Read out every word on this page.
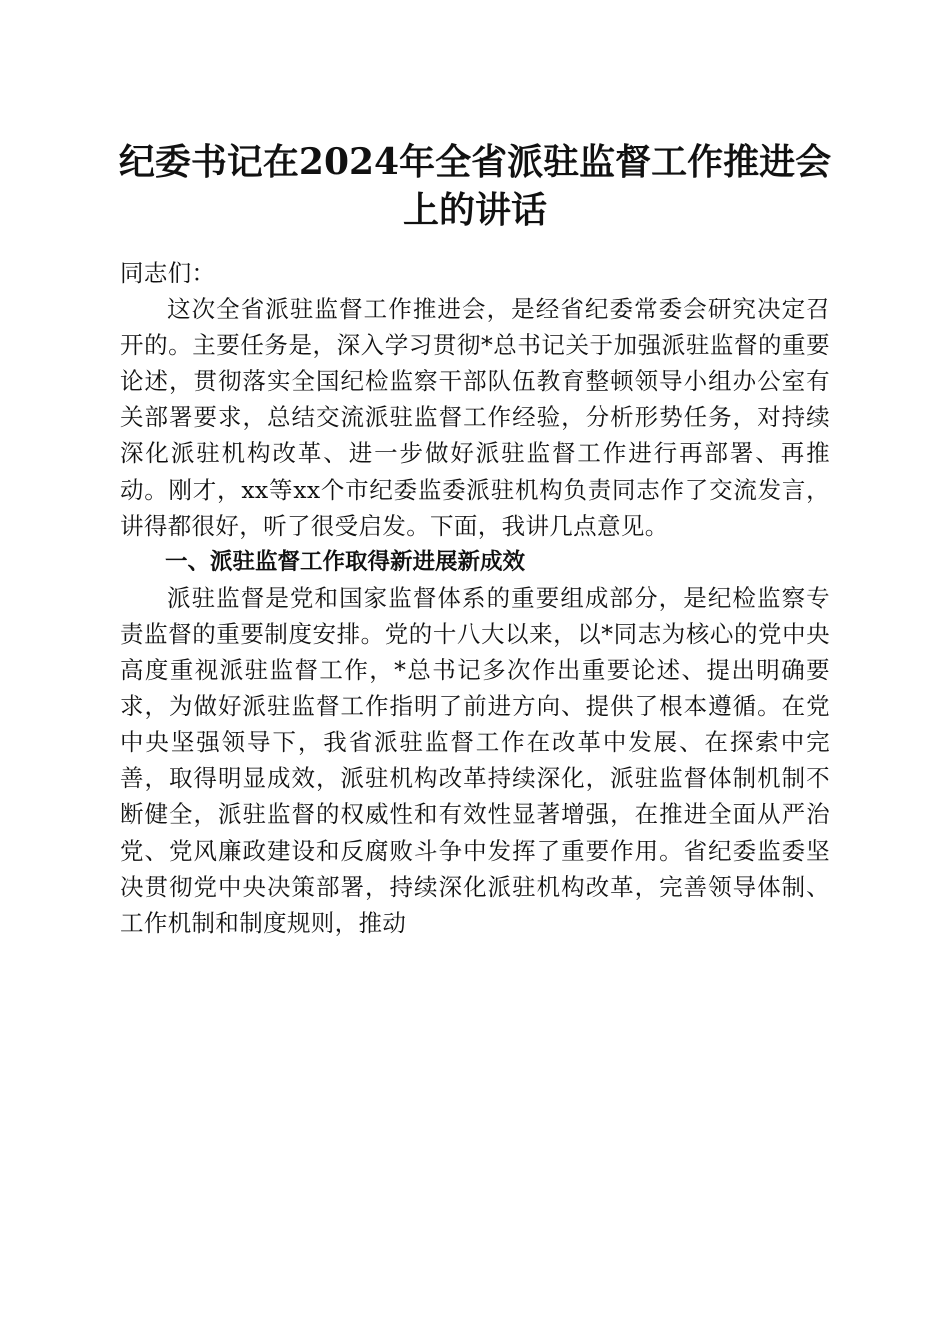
纪委书记在2024年全省派驻监督工作推进会
上的讲话

同志们：

这次全省派驻监督工作推进会，是经省纪委常委会研究决定召开的。主要任务是，深入学习贯彻*总书记关于加强派驻监督的重要论述，贯彻落实全国纪检监察干部队伍教育整顿领导小组办公室有关部署要求，总结交流派驻监督工作经验，分析形势任务，对持续深化派驻机构改革、进一步做好派驻监督工作进行再部署、再推动。刚才，xx等xx个市纪委监委派驻机构负责同志作了交流发言，讲得都很好，听了很受启发。下面，我讲几点意见。

一、派驻监督工作取得新进展新成效

派驻监督是党和国家监督体系的重要组成部分，是纪检监察专责监督的重要制度安排。党的十八大以来，以*同志为核心的党中央高度重视派驻监督工作，*总书记多次作出重要论述、提出明确要求，为做好派驻监督工作指明了前进方向、提供了根本遵循。在党中央坚强领导下，我省派驻监督工作在改革中发展、在探索中完善，取得明显成效，派驻机构改革持续深化，派驻监督体制机制不断健全，派驻监督的权威性和有效性显著增强，在推进全面从严治党、党风廉政建设和反腐败斗争中发挥了重要作用。省纪委监委坚决贯彻党中央决策部署，持续深化派驻机构改革，完善领导体制、工作机制和制度规则，推动
